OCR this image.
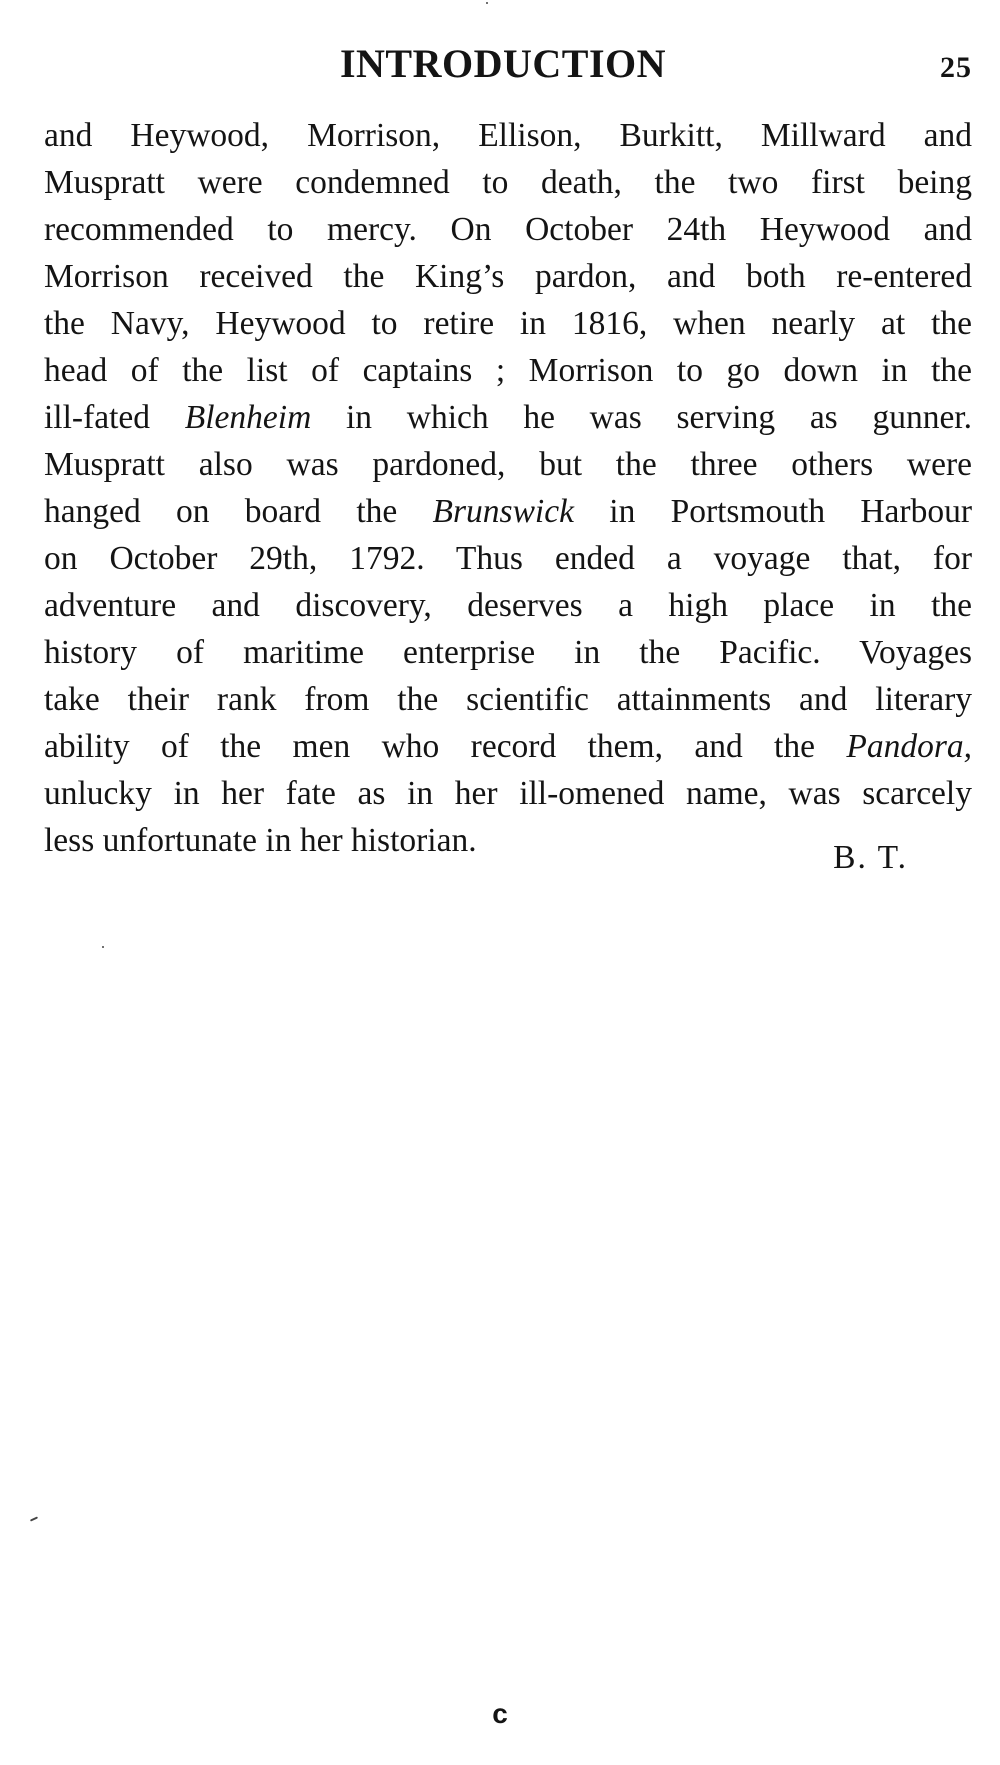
INTRODUCTION	25
and Heywood, Morrison, Ellison, Burkitt, Millward and
Muspratt were condemned to death, the two first being
recommended to mercy. On October 24th Heywood and
Morrison received the King’s pardon, and both re-entered
the Navy, Heywood to retire in 1816, when nearly at the
head of the list of captains ; Morrison to go down in the
ill-fated Blenheim in which he was serving as gunner.
Muspratt also was pardoned, but the three others were
hanged on board the Brunswick in Portsmouth Harbour
on October 29th, 1792. Thus ended a voyage that, for
adventure and discovery, deserves a high place in the
history of maritime enterprise in the Pacific. Voyages
take their rank from the scientific attainments and literary
ability of the men who record them, and the Pandora,
unlucky in her fate as in her ill-omened name, was scarcely
less unfortunate in her historian.	B. T.
c
